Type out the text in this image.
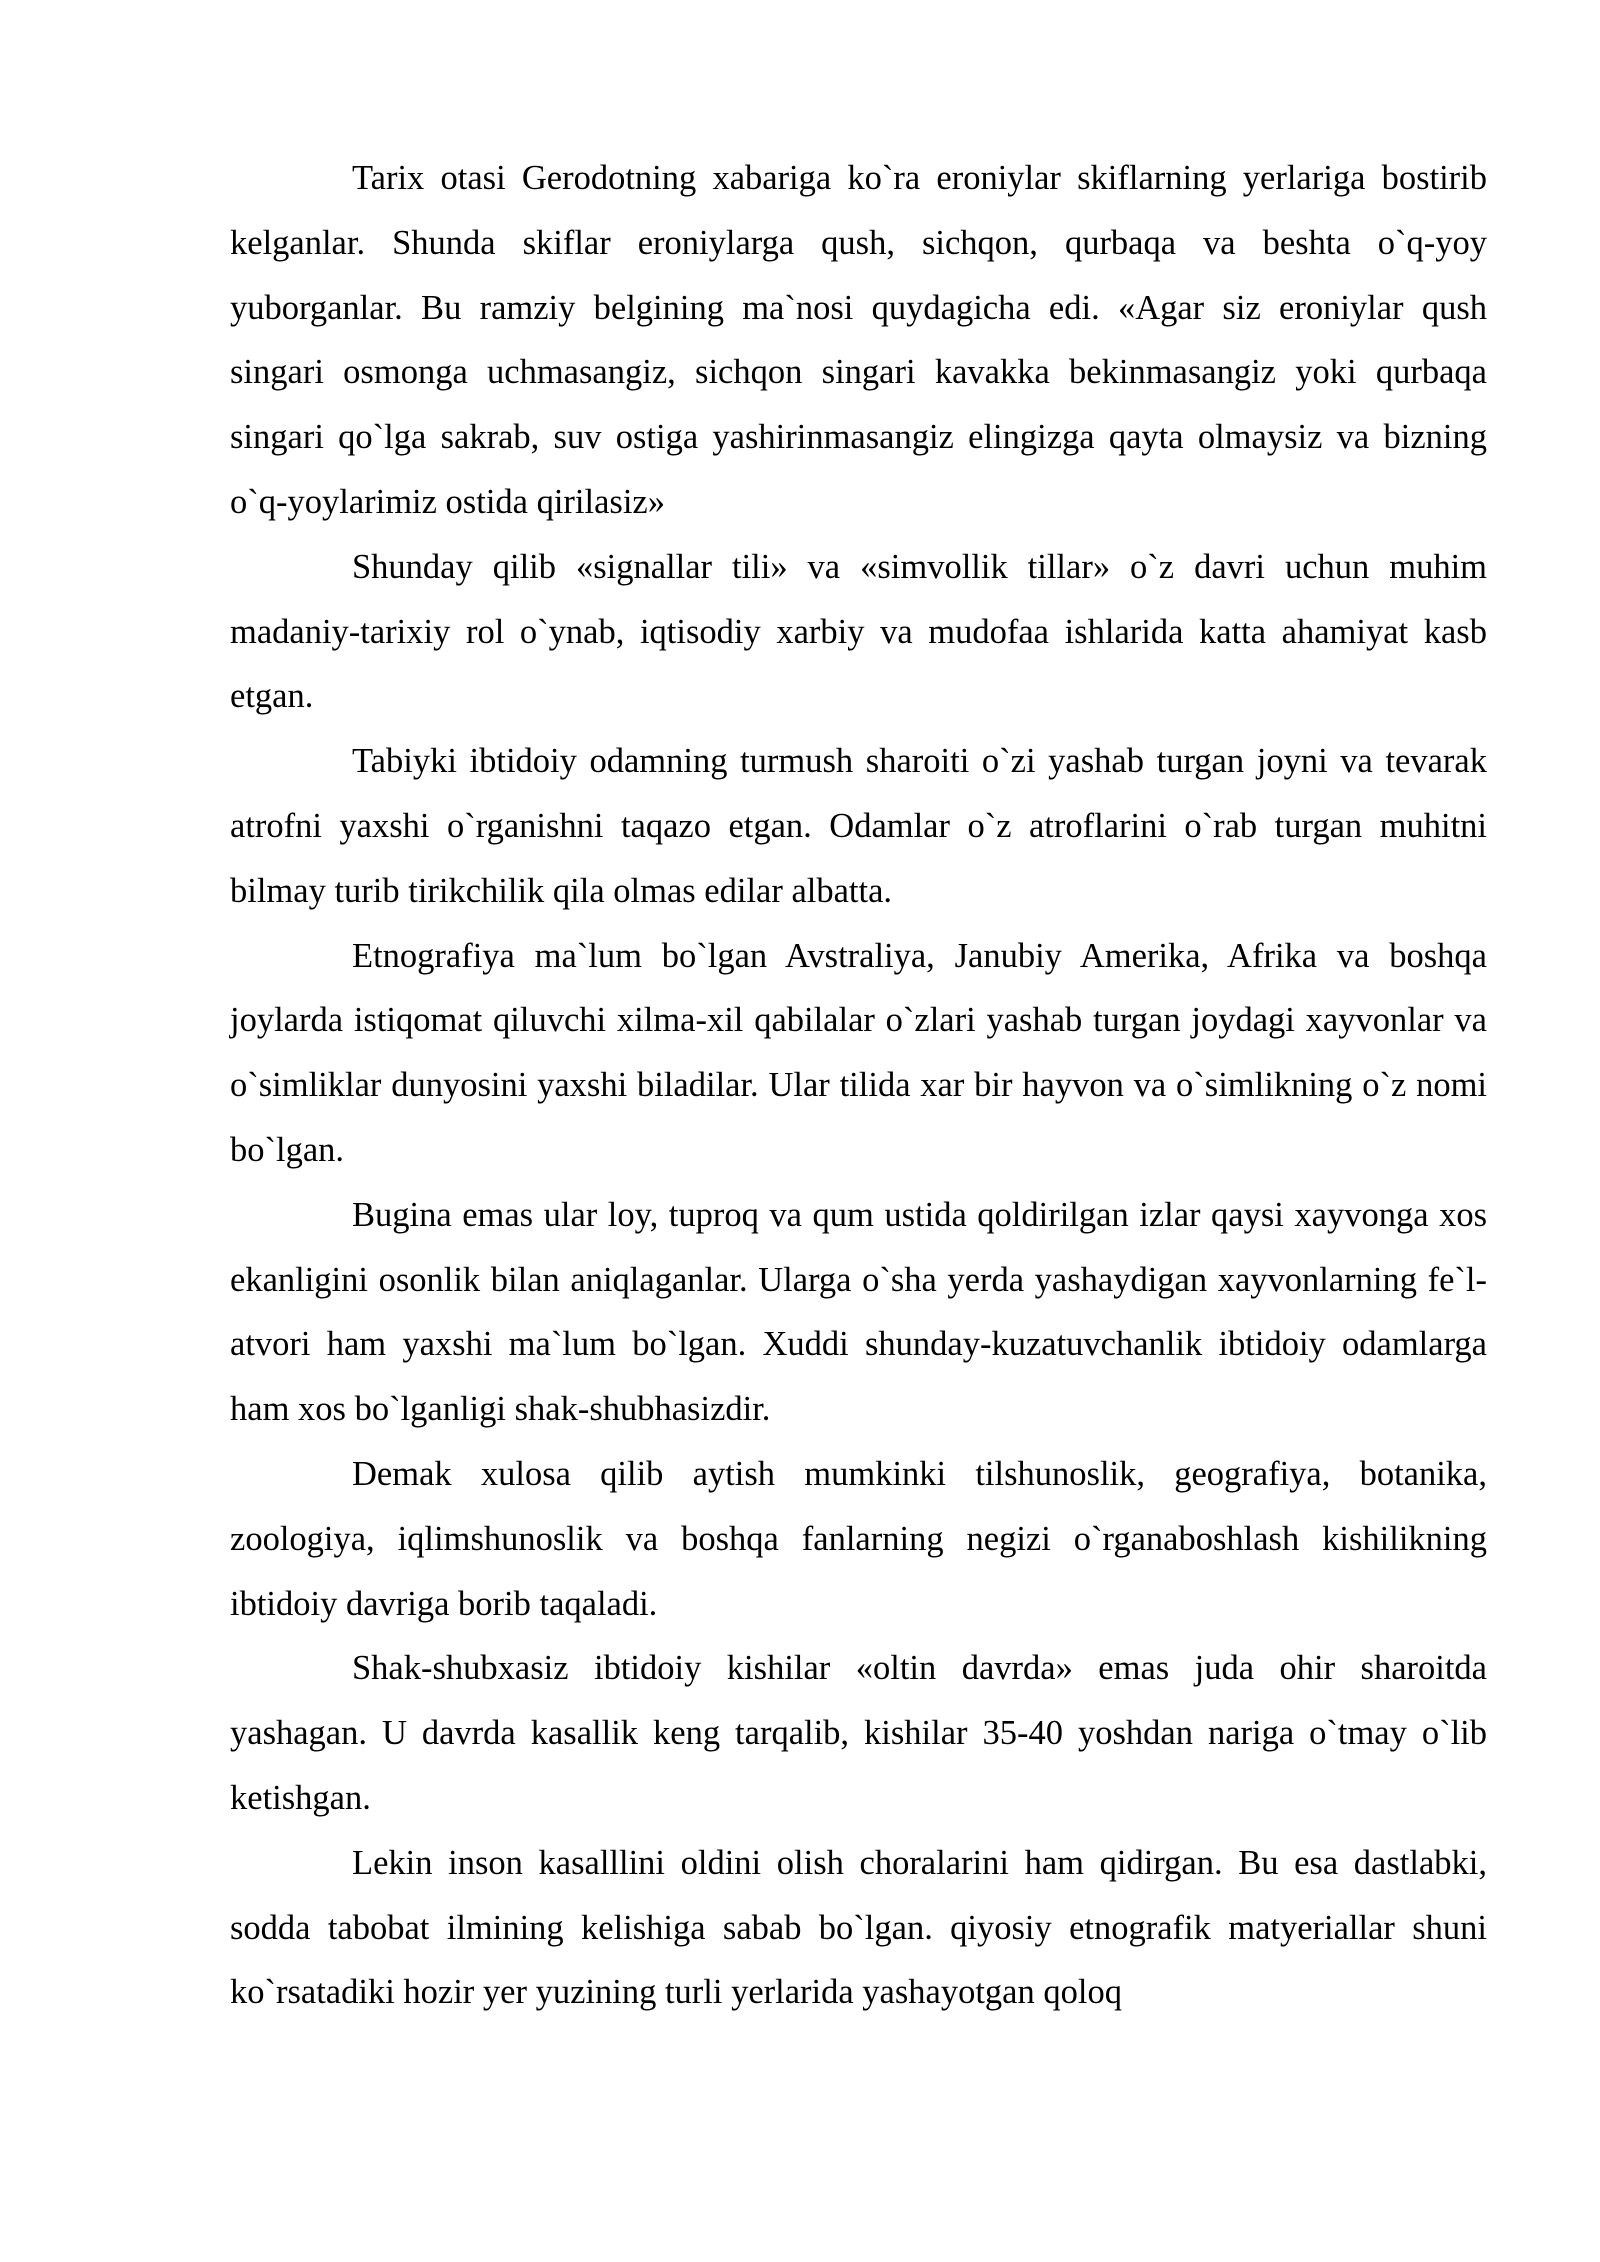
Tarix otasi Gerodotning xabariga ko`ra eroniylar skiflarning yerlariga bostirib kelganlar. Shunda skiflar eroniylarga qush, sichqon, qurbaqa va beshta o`q-yoy yuborganlar. Bu ramziy belgining ma`nosi quydagicha edi. «Agar siz eroniylar qush singari osmonga uchmasangiz, sichqon singari kavakka bekinmasangiz yoki qurbaqa singari qo`lga sakrab, suv ostiga yashirinmasangiz elingizga qayta olmaysiz va bizning o`q-yoylarimiz ostida qirilasiz»

Shunday qilib «signallar tili» va «simvollik tillar» o`z davri uchun muhim madaniy-tarixiy rol o`ynab, iqtisodiy xarbiy va mudofaa ishlarida katta ahamiyat kasb etgan.

Tabiyki ibtidoiy odamning turmush sharoiti o`zi yashab turgan joyni va tevarak atrofni yaxshi o`rganishni taqazo etgan. Odamlar o`z atroflarini o`rab turgan muhitni bilmay turib tirikchilik qila olmas edilar albatta.

Etnografiya ma`lum bo`lgan Avstraliya, Janubiy Amerika, Afrika va boshqa joylarda istiqomat qiluvchi xilma-xil qabilalar o`zlari yashab turgan joydagi xayvonlar va o`simliklar dunyosini yaxshi biladilar. Ular tilida xar bir hayvon va o`simlikning o`z nomi bo`lgan.

Bugina emas ular loy, tuproq va qum ustida qoldirilgan izlar qaysi xayvonga xos ekanligini osonlik bilan aniqlaganlar. Ularga o`sha yerda yashaydigan xayvonlarning fe`l-atvori ham yaxshi ma`lum bo`lgan. Xuddi shunday-kuzatuvchanlik ibtidoiy odamlarga ham xos bo`lganligi shak-shubhasizdir.

Demak xulosa qilib aytish mumkinki tilshunoslik, geografiya, botanika, zoologiya, iqlimshunoslik va boshqa fanlarning negizi o`rganaboshlash kishilikning ibtidoiy davriga borib taqaladi.

Shak-shubxasiz ibtidoiy kishilar «oltin davrda» emas juda ohir sharoitda yashagan. U davrda kasallik keng tarqalib, kishilar 35-40 yoshdan nariga o`tmay o`lib ketishgan.

Lekin inson kasalllini oldini olish choralarini ham qidirgan. Bu esa dastlabki, sodda tabobat ilmining kelishiga sabab bo`lgan. qiyosiy etnografik matyeriallar shuni ko`rsatadiki hozir yer yuzining turli yerlarida yashayotgan qoloq
